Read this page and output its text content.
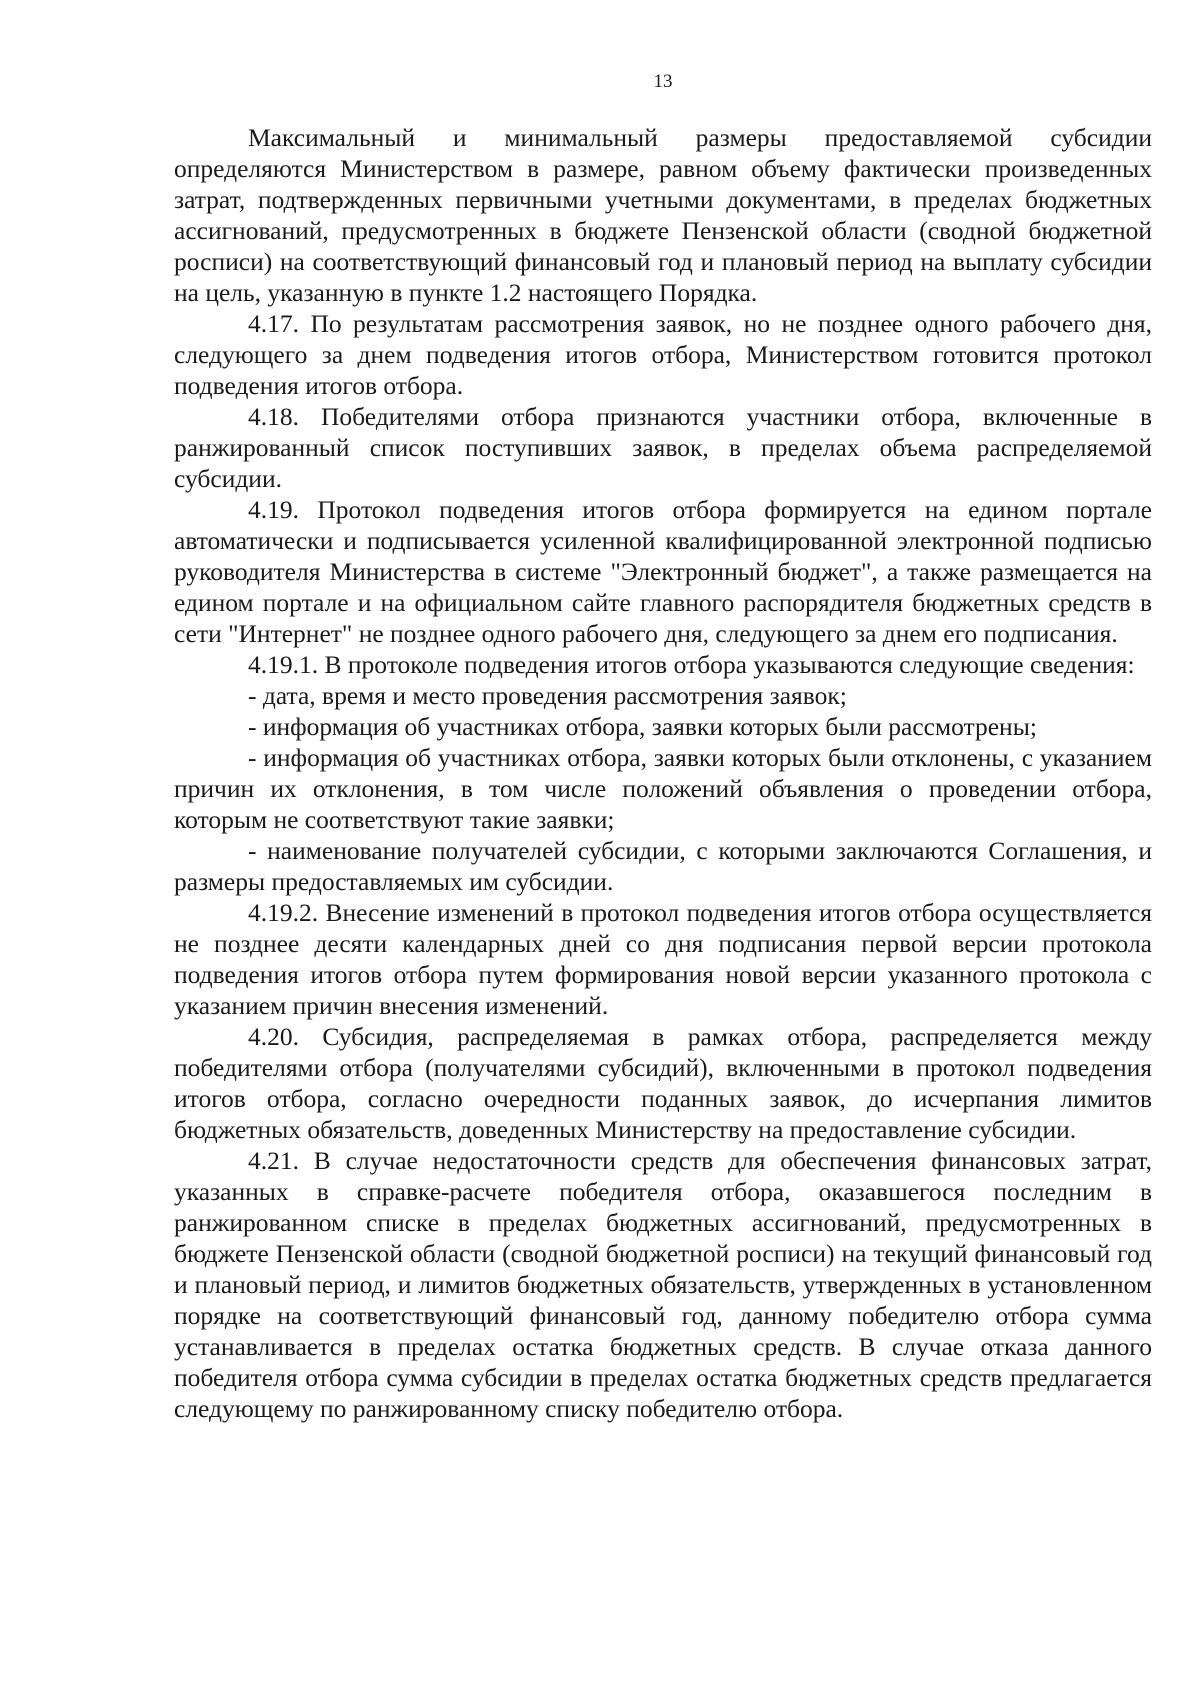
13

Максимальный и минимальный размеры предоставляемой субсидии определяются Министерством в размере, равном объему фактически произведенных затрат, подтвержденных первичными учетными документами, в пределах бюджетных ассигнований, предусмотренных в бюджете Пензенской области (сводной бюджетной росписи) на соответствующий финансовый год и плановый период на выплату субсидии на цель, указанную в пункте 1.2 настоящего Порядка.

4.17. По результатам рассмотрения заявок, но не позднее одного рабочего дня, следующего за днем подведения итогов отбора, Министерством готовится протокол подведения итогов отбора.

4.18. Победителями отбора признаются участники отбора, включенные в ранжированный список поступивших заявок, в пределах объема распределяемой субсидии.

4.19. Протокол подведения итогов отбора формируется на едином портале автоматически и подписывается усиленной квалифицированной электронной подписью руководителя Министерства в системе "Электронный бюджет", а также размещается на едином портале и на официальном сайте главного распорядителя бюджетных средств в сети "Интернет" не позднее одного рабочего дня, следующего за днем его подписания.

4.19.1. В протоколе подведения итогов отбора указываются следующие сведения:

- дата, время и место проведения рассмотрения заявок;

- информация об участниках отбора, заявки которых были рассмотрены;

- информация об участниках отбора, заявки которых были отклонены, с указанием причин их отклонения, в том числе положений объявления о проведении отбора, которым не соответствуют такие заявки;

- наименование получателей субсидии, с которыми заключаются Соглашения, и размеры предоставляемых им субсидии.

4.19.2. Внесение изменений в протокол подведения итогов отбора осуществляется не позднее десяти календарных дней со дня подписания первой версии протокола подведения итогов отбора путем формирования новой версии указанного протокола с указанием причин внесения изменений.

4.20. Субсидия, распределяемая в рамках отбора, распределяется между победителями отбора (получателями субсидий), включенными в протокол подведения итогов отбора, согласно очередности поданных заявок, до исчерпания лимитов бюджетных обязательств, доведенных Министерству на предоставление субсидии.

4.21. В случае недостаточности средств для обеспечения финансовых затрат, указанных в справке-расчете победителя отбора, оказавшегося последним в ранжированном списке в пределах бюджетных ассигнований, предусмотренных в бюджете Пензенской области (сводной бюджетной росписи) на текущий финансовый год и плановый период, и лимитов бюджетных обязательств, утвержденных в установленном порядке на соответствующий финансовый год, данному победителю отбора сумма устанавливается в пределах остатка бюджетных средств. В случае отказа данного победителя отбора сумма субсидии в пределах остатка бюджетных средств предлагается следующему по ранжированному списку победителю отбора.
